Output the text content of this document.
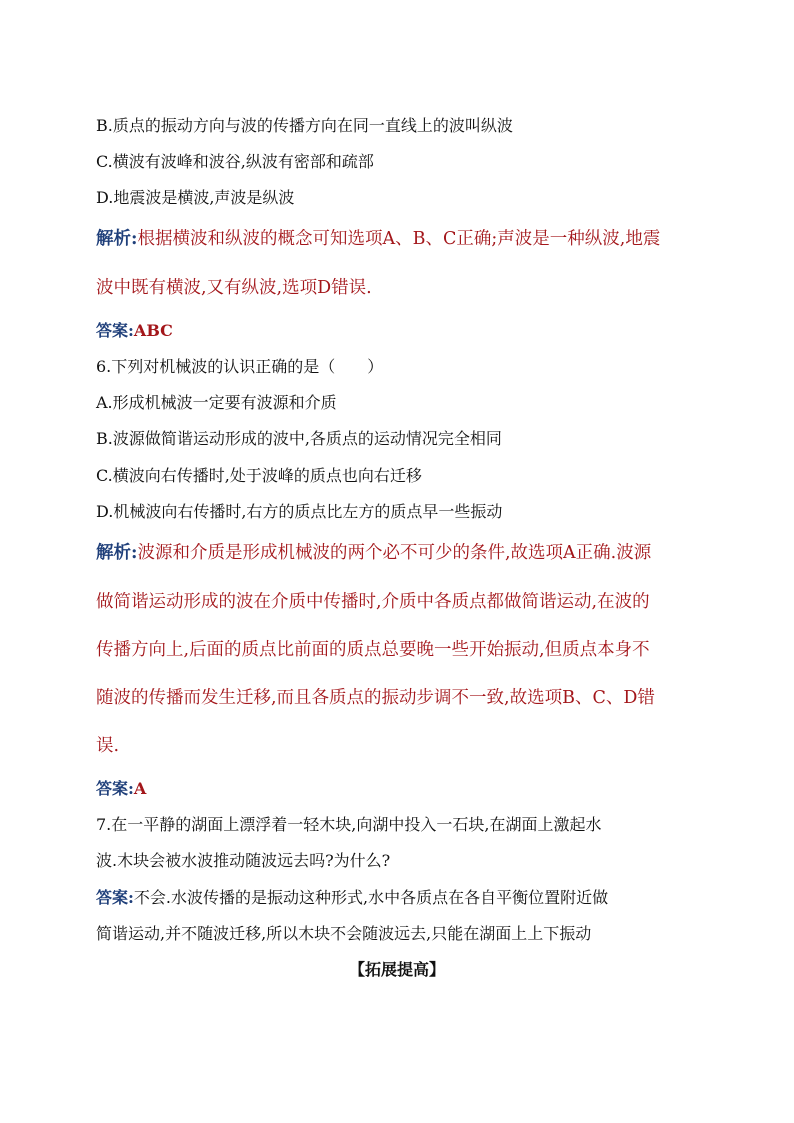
B.质点的振动方向与波的传播方向在同一直线上的波叫纵波
C.横波有波峰和波谷,纵波有密部和疏部
D.地震波是横波,声波是纵波
解析:根据横波和纵波的概念可知选项A、B、C正确;声波是一种纵波,地震
波中既有横波,又有纵波,选项D错误.
答案:ABC
6.下列对机械波的认识正确的是（　　）
A.形成机械波一定要有波源和介质
B.波源做简谐运动形成的波中,各质点的运动情况完全相同
C.横波向右传播时,处于波峰的质点也向右迁移
D.机械波向右传播时,右方的质点比左方的质点早一些振动
解析:波源和介质是形成机械波的两个必不可少的条件,故选项A正确.波源
做简谐运动形成的波在介质中传播时,介质中各质点都做简谐运动,在波的
传播方向上,后面的质点比前面的质点总要晚一些开始振动,但质点本身不
随波的传播而发生迁移,而且各质点的振动步调不一致,故选项B、C、D错
误.
答案:A
7.在一平静的湖面上漂浮着一轻木块,向湖中投入一石块,在湖面上激起水
波.木块会被水波推动随波远去吗?为什么?
答案:不会.水波传播的是振动这种形式,水中各质点在各自平衡位置附近做
简谐运动,并不随波迁移,所以木块不会随波远去,只能在湖面上上下振动
【拓展提高】
